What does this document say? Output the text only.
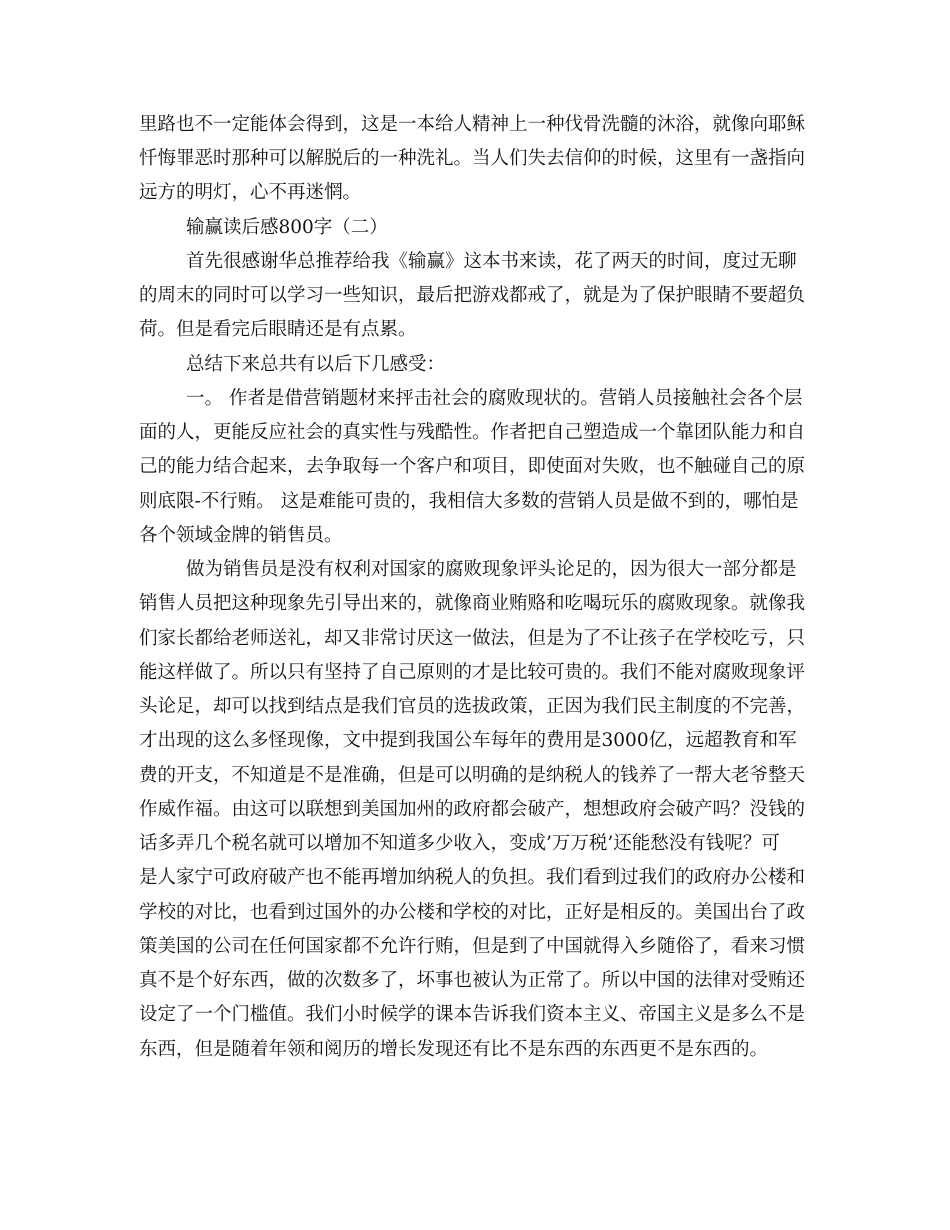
里路也不一定能体会得到，这是一本给人精神上一种伐骨洗髓的沐浴，就像向耶稣
忏悔罪恶时那种可以解脱后的一种洗礼。当人们失去信仰的时候，这里有一盏指向
远方的明灯，心不再迷惘。
输赢读后感800字（二）
首先很感谢华总推荐给我《输赢》这本书来读，花了两天的时间，度过无聊
的周末的同时可以学习一些知识，最后把游戏都戒了，就是为了保护眼睛不要超负
荷。但是看完后眼睛还是有点累。
总结下来总共有以后下几感受：
一。 作者是借营销题材来抨击社会的腐败现状的。营销人员接触社会各个层
面的人，更能反应社会的真实性与残酷性。作者把自己塑造成一个靠团队能力和自
己的能力结合起来，去争取每一个客户和项目，即使面对失败，也不触碰自己的原
则底限-不行贿。 这是难能可贵的，我相信大多数的营销人员是做不到的，哪怕是
各个领域金牌的销售员。
做为销售员是没有权利对国家的腐败现象评头论足的，因为很大一部分都是
销售人员把这种现象先引导出来的，就像商业贿赂和吃喝玩乐的腐败现象。就像我
们家长都给老师送礼，却又非常讨厌这一做法，但是为了不让孩子在学校吃亏，只
能这样做了。所以只有坚持了自己原则的才是比较可贵的。我们不能对腐败现象评
头论足，却可以找到结点是我们官员的选拔政策，正因为我们民主制度的不完善，
才出现的这么多怪现像，文中提到我国公车每年的费用是3000亿，远超教育和军
费的开支，不知道是不是准确，但是可以明确的是纳税人的钱养了一帮大老爷整天
作威作福。由这可以联想到美国加州的政府都会破产，想想政府会破产吗？没钱的
话多弄几个税名就可以增加不知道多少收入，变成’万万税’还能愁没有钱呢？可
是人家宁可政府破产也不能再增加纳税人的负担。我们看到过我们的政府办公楼和
学校的对比，也看到过国外的办公楼和学校的对比，正好是相反的。美国出台了政
策美国的公司在任何国家都不允许行贿，但是到了中国就得入乡随俗了，看来习惯
真不是个好东西，做的次数多了，坏事也被认为正常了。所以中国的法律对受贿还
设定了一个门槛值。我们小时候学的课本告诉我们资本主义、帝国主义是多么不是
东西，但是随着年领和阅历的增长发现还有比不是东西的东西更不是东西的。
